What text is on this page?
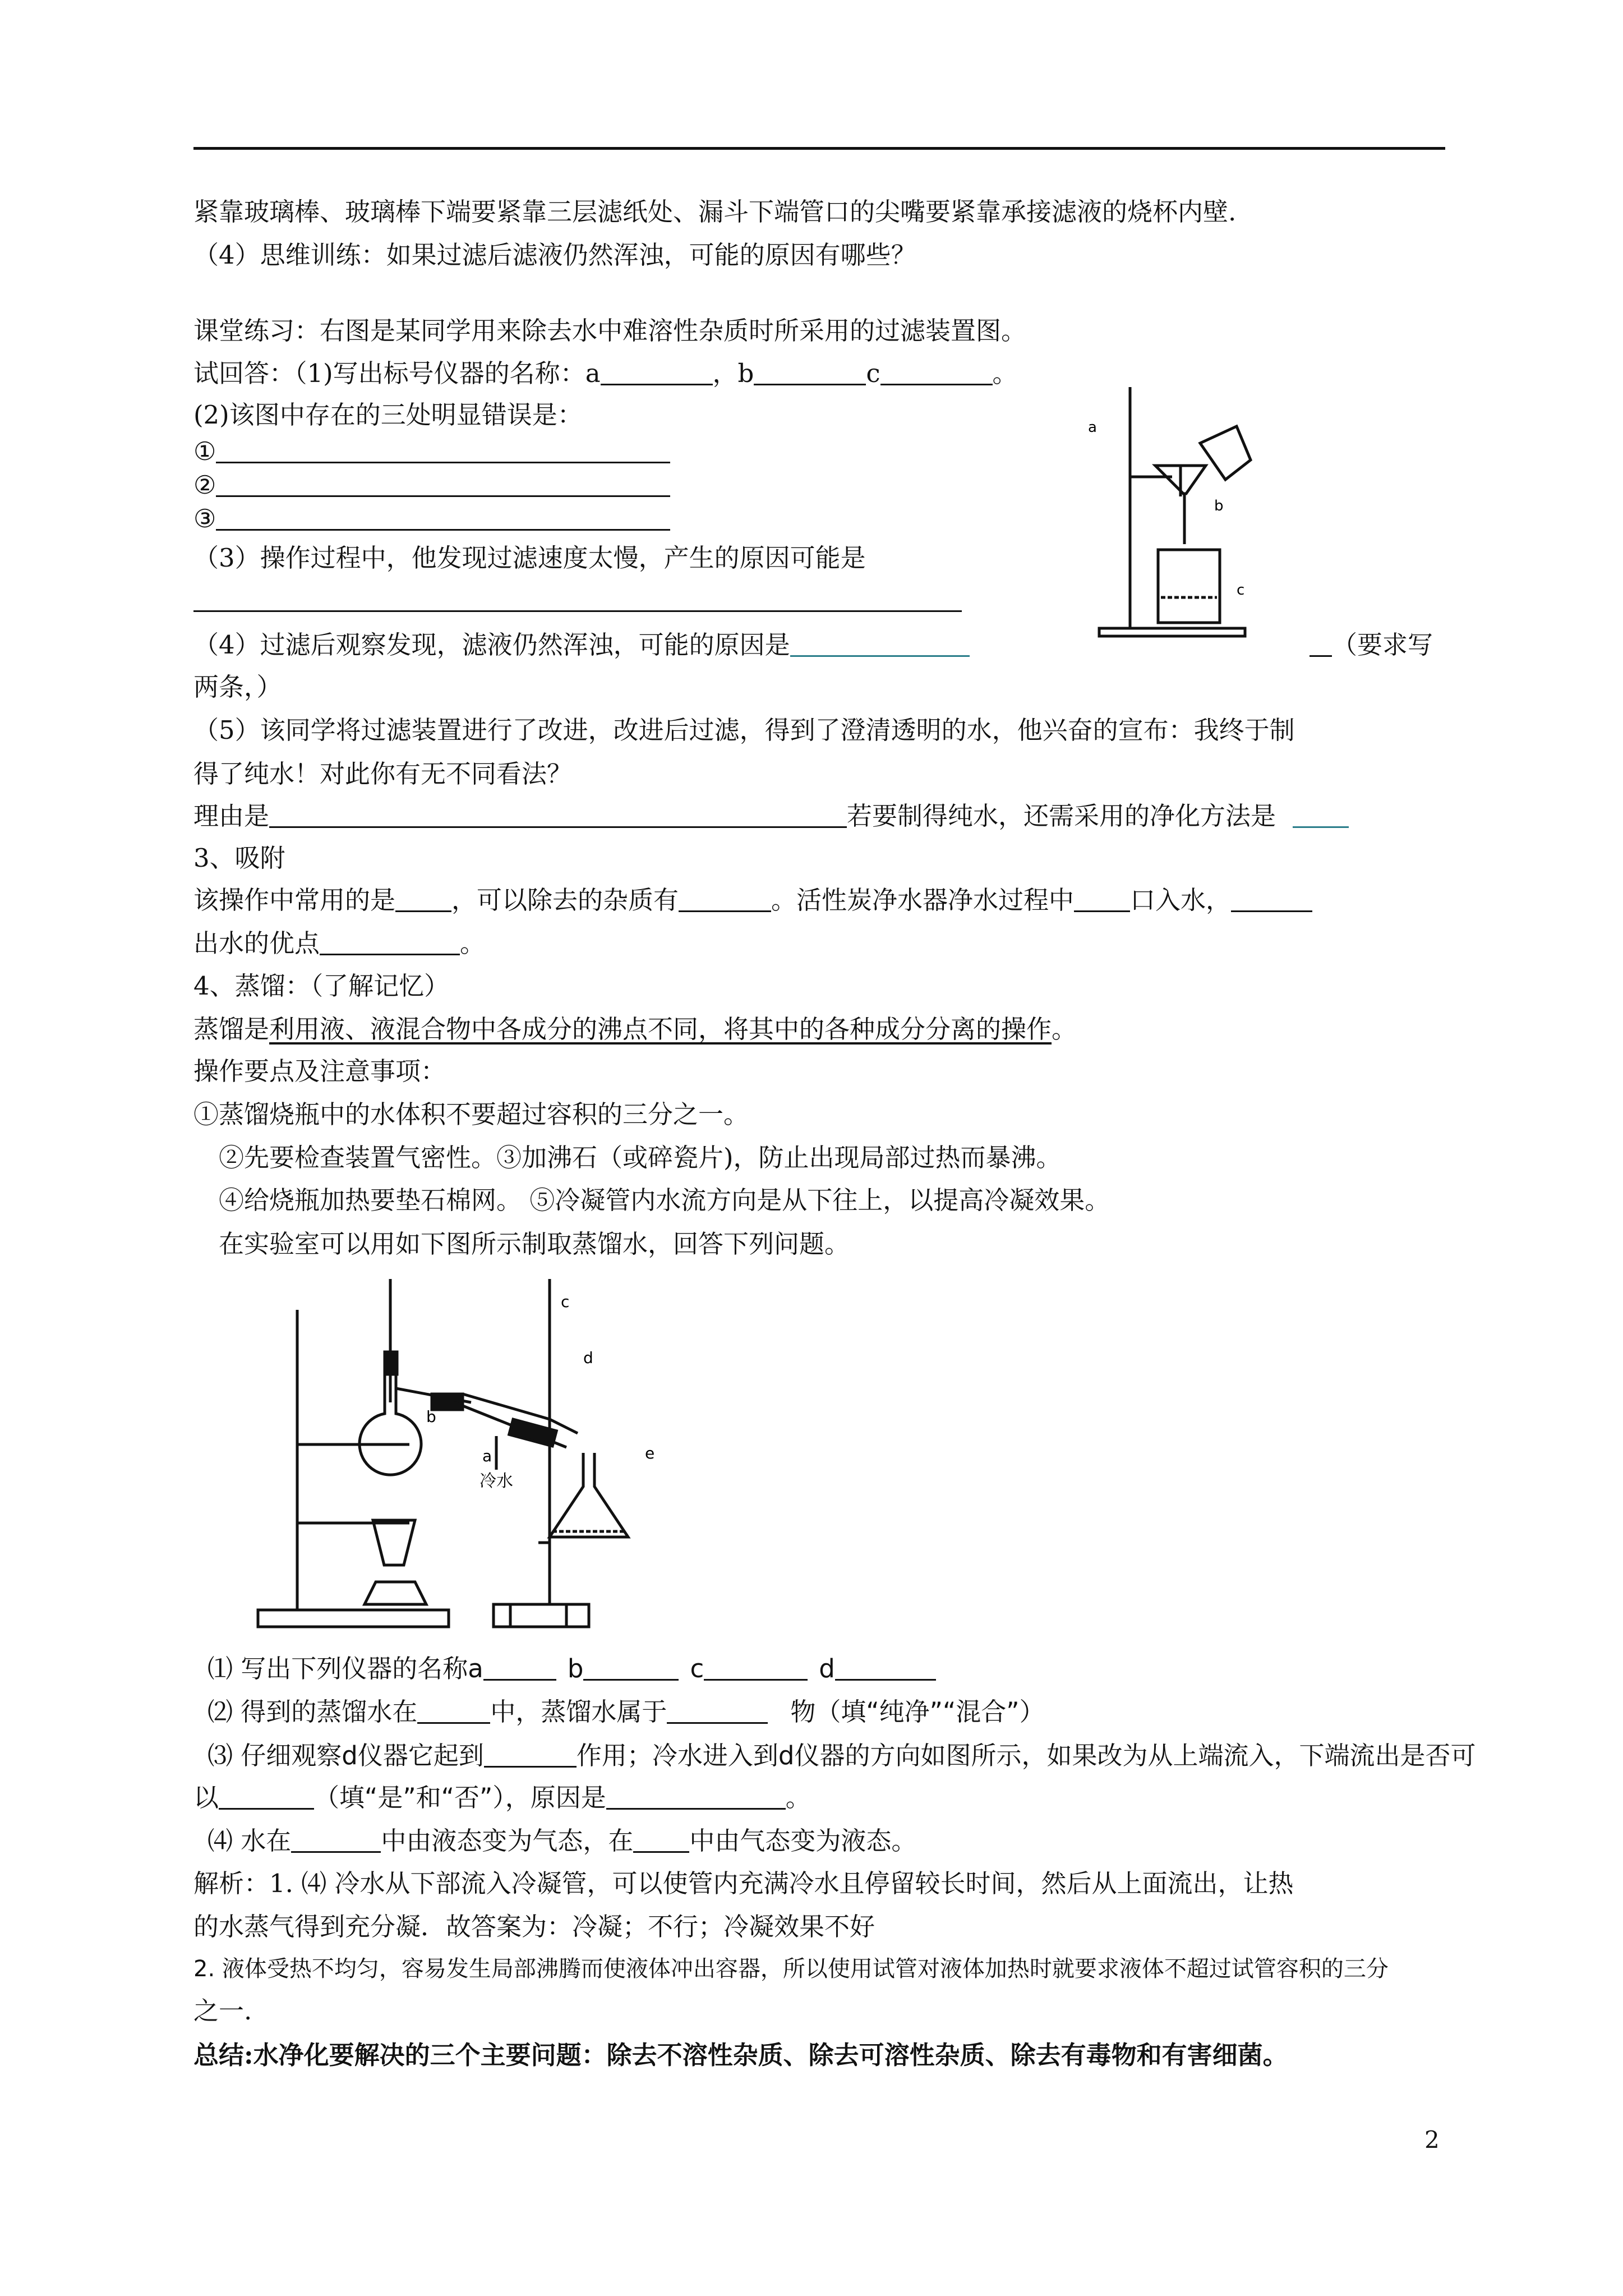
紧靠玻璃棒、玻璃棒下端要紧靠三层滤纸处、漏斗下端管口的尖嘴要紧靠承接滤液的烧杯内壁.
（4）思维训练：如果过滤后滤液仍然浑浊，可能的原因有哪些？
课堂练习：右图是某同学用来除去水中难溶性杂质时所采用的过滤装置图。
试回答：（1)写出标号仪器的名称：a	，b	c	。
(2)该图中存在的三处明显错误是：
①
②
③
（3）操作过程中，他发现过滤速度太慢，产生的原因可能是
（4）过滤后观察发现，滤液仍然浑浊，可能的原因是	（要求写
两条，）
（5）该同学将过滤装置进行了改进，改进后过滤，得到了澄清透明的水，他兴奋的宣布：我终于制
得了纯水！对此你有无不同看法？
理由是	若要制得纯水，还需采用的净化方法是
3、吸附
该操作中常用的是 ，可以除去的杂质有	。活性炭净水器净水过程中 口入水，
出水的优点	。
4、蒸馏：（了解记忆）
蒸馏是利用液、液混合物中各成分的沸点不同，将其中的各种成分分离的操作。
操作要点及注意事项：
①蒸馏烧瓶中的水体积不要超过容积的三分之一。
②先要检查装置气密性。③加沸石（或碎瓷片)，防止出现局部过热而暴沸。
④给烧瓶加热要垫石棉网。 ⑤冷凝管内水流方向是从下往上，以提高冷凝效果。
在实验室可以用如下图所示制取蒸馏水，回答下列问题。
a
b
c
a
b
c
d
e
冷水
⑴ 写出下列仪器的名称a	b	c	d
⑵ 得到的蒸馏水在	中，蒸馏水属于	物（填“纯净”“混合”）
⑶ 仔细观察d仪器它起到	作用；冷水进入到d仪器的方向如图所示，如果改为从上端流入，下端流出是否可
以	（填“是”和“否”），原因是	。
⑷ 水在	中由液态变为气态，在 中由气态变为液态。
解析：1. ⑷ 冷水从下部流入冷凝管，可以使管内充满冷水且停留较长时间，然后从上面流出，让热
的水蒸气得到充分凝．故答案为：冷凝；不行；冷凝效果不好
2. 液体受热不均匀，容易发生局部沸腾而使液体冲出容器，所以使用试管对液体加热时就要求液体不超过试管容积的三分
之一.
总结:水净化要解决的三个主要问题：除去不溶性杂质、除去可溶性杂质、除去有毒物和有害细菌。
2
